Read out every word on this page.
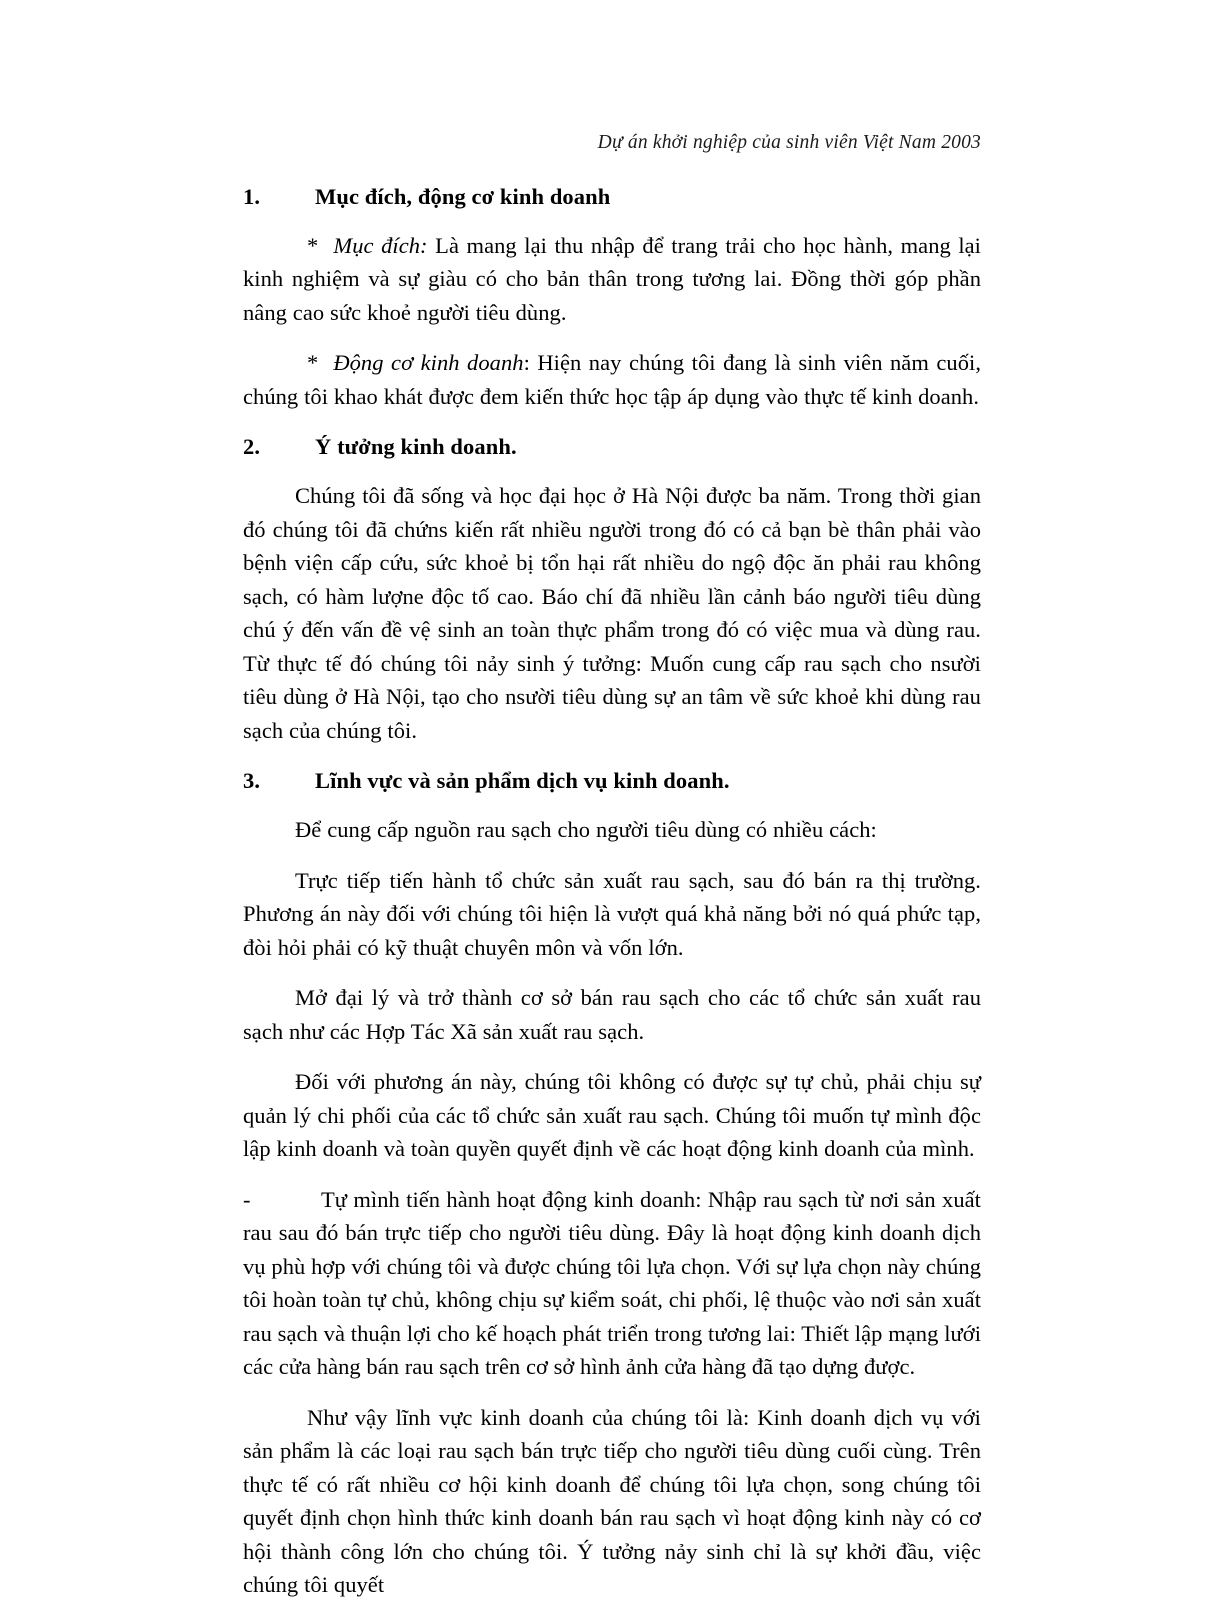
Dự án khởi nghiệp của sinh viên Việt Nam 2003
1. Mục đích, động cơ kinh doanh

* Mục đích: Là mang lại thu nhập để trang trải cho học hành, mang lại kinh nghiệm và sự giàu có cho bản thân trong tương lai. Đồng thời góp phần nâng cao sức khoẻ người tiêu dùng.

* Động cơ kinh doanh: Hiện nay chúng tôi đang là sinh viên năm cuối, chúng tôi khao khát được đem kiến thức học tập áp dụng vào thực tế kinh doanh.

2. Ý tưởng kinh doanh.

Chúng tôi đã sống và học đại học ở Hà Nội được ba năm. Trong thời gian đó chúng tôi đã chứns kiến rất nhiều người trong đó có cả bạn bè thân phải vào bệnh viện cấp cứu, sức khoẻ bị tổn hại rất nhiều do ngộ độc ăn phải rau không sạch, có hàm lượne độc tố cao. Báo chí đã nhiều lần cảnh báo người tiêu dùng chú ý đến vấn đề vệ sinh an toàn thực phẩm trong đó có việc mua và dùng rau. Từ thực tế đó chúng tôi nảy sinh ý tưởng: Muốn cung cấp rau sạch cho nsười tiêu dùng ở Hà Nội, tạo cho nsười tiêu dùng sự an tâm về sức khoẻ khi dùng rau sạch của chúng tôi.

3. Lĩnh vực và sản phẩm dịch vụ kinh doanh.

Để cung cấp nguồn rau sạch cho người tiêu dùng có nhiều cách:

Trực tiếp tiến hành tổ chức sản xuất rau sạch, sau đó bán ra thị trường. Phương án này đối với chúng tôi hiện là vượt quá khả năng bởi nó quá phức tạp, đòi hỏi phải có kỹ thuật chuyên môn và vốn lớn.

Mở đại lý và trở thành cơ sở bán rau sạch cho các tổ chức sản xuất rau sạch như các Hợp Tác Xã sản xuất rau sạch.

Đối với phương án này, chúng tôi không có được sự tự chủ, phải chịu sự quản lý chi phối của các tổ chức sản xuất rau sạch. Chúng tôi muốn tự mình độc lập kinh doanh và toàn quyền quyết định về các hoạt động kinh doanh của mình.

-	Tự mình tiến hành hoạt động kinh doanh: Nhập rau sạch từ nơi sản xuất rau sau đó bán trực tiếp cho người tiêu dùng. Đây là hoạt động kinh doanh dịch vụ phù hợp với chúng tôi và được chúng tôi lựa chọn. Với sự lựa chọn này chúng tôi hoàn toàn tự chủ, không chịu sự kiểm soát, chi phối, lệ thuộc vào nơi sản xuất rau sạch và thuận lợi cho kế hoạch phát triển trong tương lai: Thiết lập mạng lưới các cửa hàng bán rau sạch trên cơ sở hình ảnh cửa hàng đã tạo dựng được.

Như vậy lĩnh vực kinh doanh của chúng tôi là: Kinh doanh dịch vụ với sản phẩm là các loại rau sạch bán trực tiếp cho người tiêu dùng cuối cùng. Trên thực tế có rất nhiều cơ hội kinh doanh để chúng tôi lựa chọn, song chúng tôi quyết định chọn hình thức kinh doanh bán rau sạch vì hoạt động kinh này có cơ hội thành công lớn cho chúng tôi. Ý tưởng nảy sinh chỉ là sự khởi đầu, việc chúng tôi quyết
